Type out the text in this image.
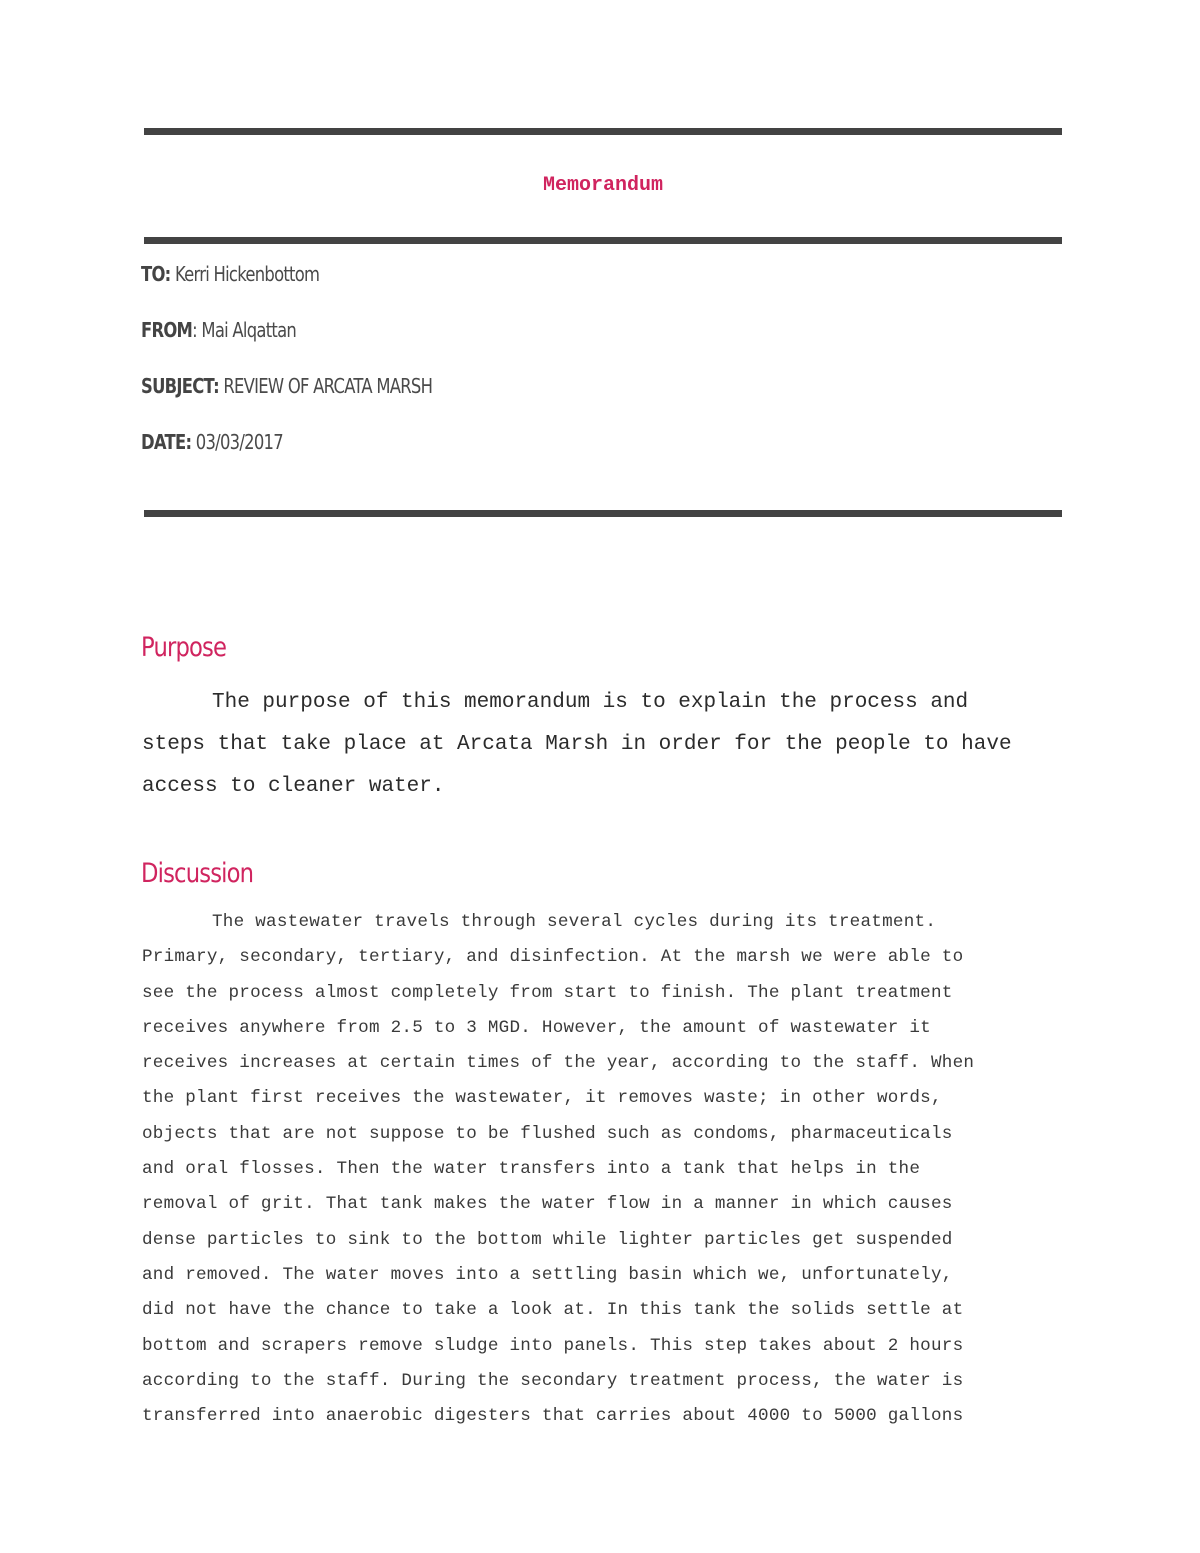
Memorandum

TO: Kerri Hickenbottom

FROM: Mai Alqattan

SUBJECT: REVIEW OF ARCATA MARSH

DATE: 03/03/2017

Purpose

The purpose of this memorandum is to explain the process and steps that take place at Arcata Marsh in order for the people to have access to cleaner water.

Discussion
The wastewater travels through several cycles during its treatment.
Primary, secondary, tertiary, and disinfection. At the marsh we were able to
see the process almost completely from start to finish. The plant treatment
receives anywhere from 2.5 to 3 MGD. However, the amount of wastewater it
receives increases at certain times of the year, according to the staff. When
the plant first receives the wastewater, it removes waste; in other words,
objects that are not suppose to be flushed such as condoms, pharmaceuticals
and oral flosses. Then the water transfers into a tank that helps in the
removal of grit. That tank makes the water flow in a manner in which causes
dense particles to sink to the bottom while lighter particles get suspended
and removed. The water moves into a settling basin which we, unfortunately,
did not have the chance to take a look at. In this tank the solids settle at
bottom and scrapers remove sludge into panels. This step takes about 2 hours
according to the staff. During the secondary treatment process, the water is
transferred into anaerobic digesters that carries about 4000 to 5000 gallons
